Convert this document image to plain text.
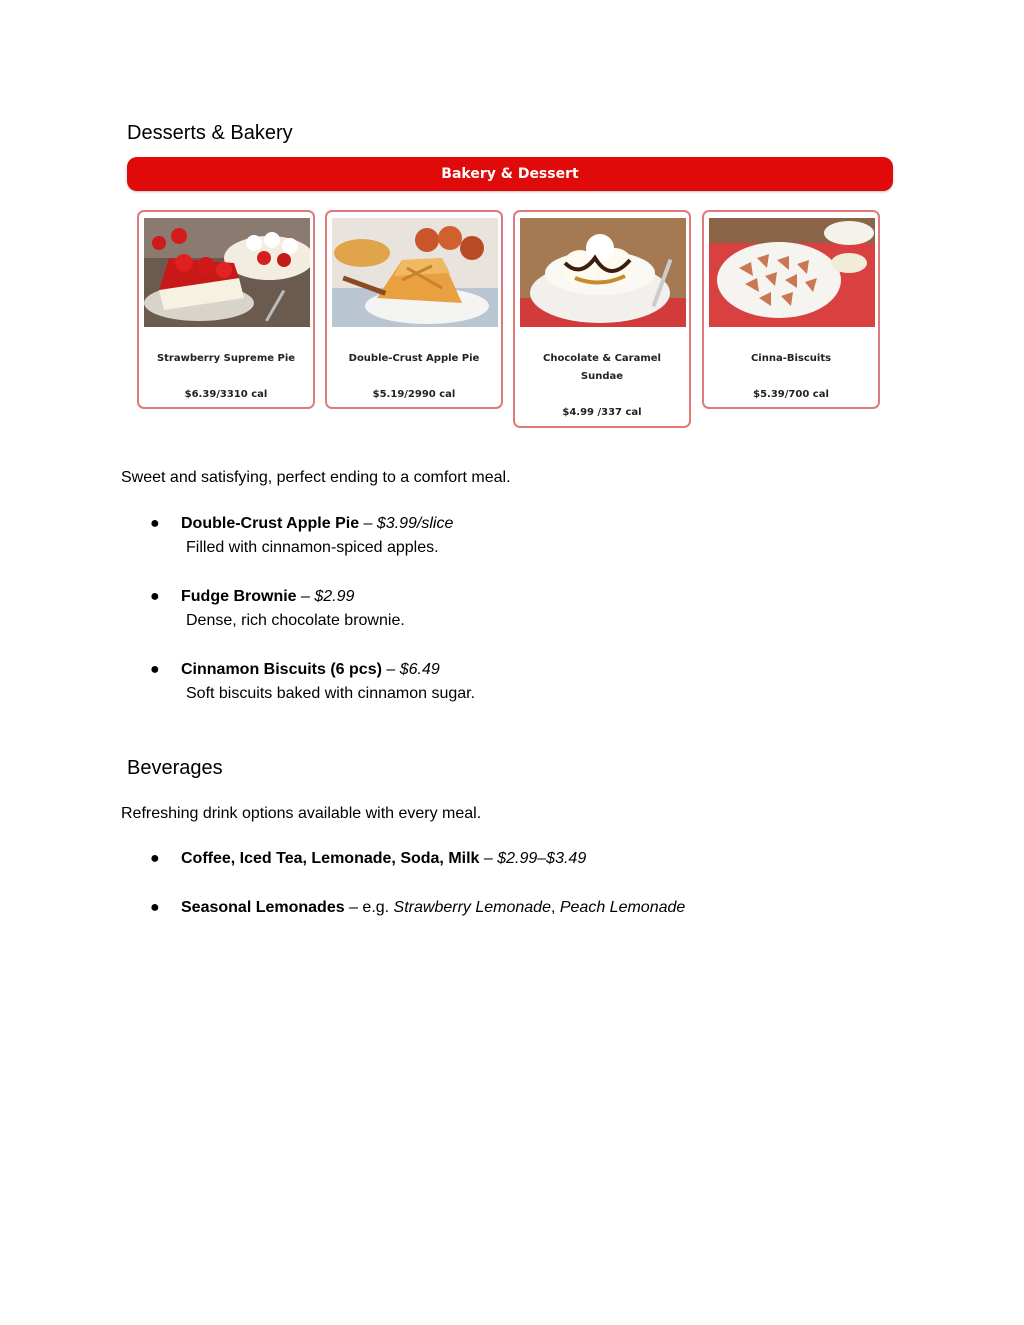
Desserts & Bakery
Bakery & Dessert
Strawberry Supreme Pie
$6.39/3310 cal
Double-Crust Apple Pie
$5.19/2990 cal
Chocolate & Caramel Sundae
$4.99 /337 cal
Cinna-Biscuits
$5.39/700 cal

Sweet and satisfying, perfect ending to a comfort meal.

● Double-Crust Apple Pie – $3.99/slice
Filled with cinnamon-spiced apples.
● Fudge Brownie – $2.99
Dense, rich chocolate brownie.
● Cinnamon Biscuits (6 pcs) – $6.49
Soft biscuits baked with cinnamon sugar.
Beverages

Refreshing drink options available with every meal.

● Coffee, Iced Tea, Lemonade, Soda, Milk – $2.99–$3.49
● Seasonal Lemonades – e.g. Strawberry Lemonade, Peach Lemonade
